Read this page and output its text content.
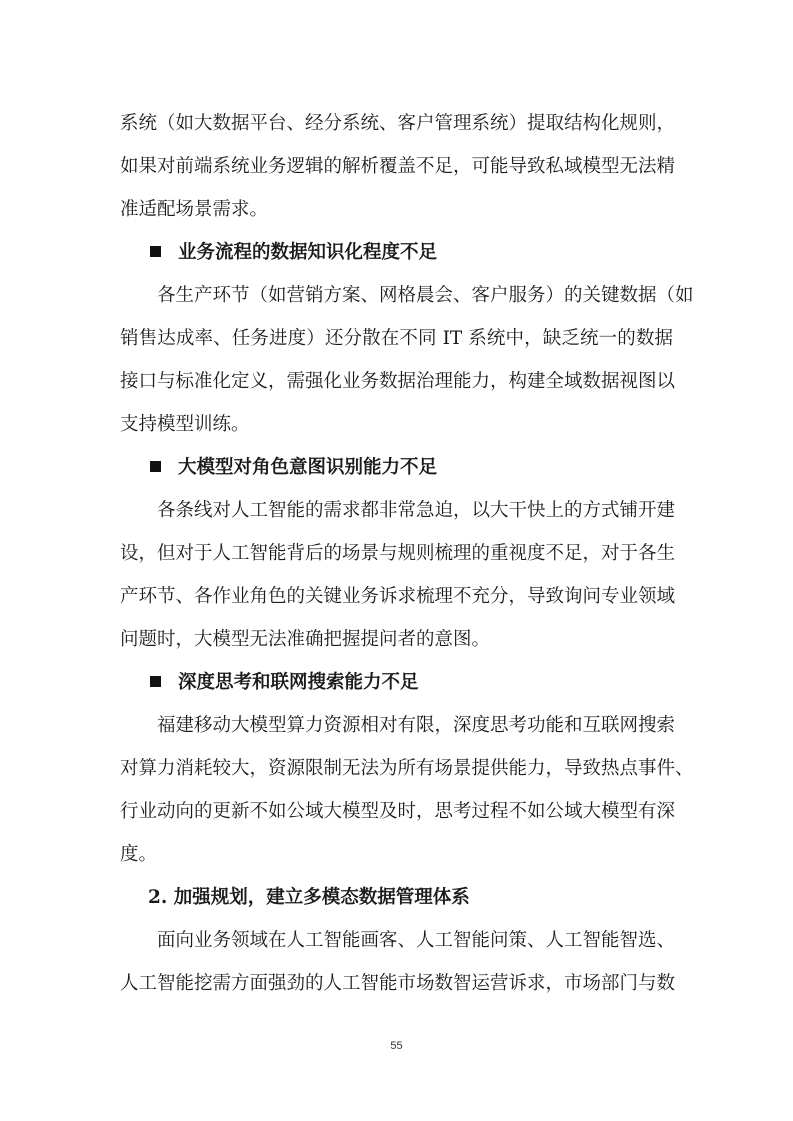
系统（如大数据平台、经分系统、客户管理系统）提取结构化规则，
如果对前端系统业务逻辑的解析覆盖不足，可能导致私域模型无法精
准适配场景需求。
业务流程的数据知识化程度不足
各生产环节（如营销方案、网格晨会、客户服务）的关键数据（如
销售达成率、任务进度）还分散在不同 IT 系统中，缺乏统一的数据
接口与标准化定义，需强化业务数据治理能力，构建全域数据视图以
支持模型训练。
大模型对角色意图识别能力不足
各条线对人工智能的需求都非常急迫，以大干快上的方式铺开建
设，但对于人工智能背后的场景与规则梳理的重视度不足，对于各生
产环节、各作业角色的关键业务诉求梳理不充分，导致询问专业领域
问题时，大模型无法准确把握提问者的意图。
深度思考和联网搜索能力不足
福建移动大模型算力资源相对有限，深度思考功能和互联网搜索
对算力消耗较大，资源限制无法为所有场景提供能力，导致热点事件、
行业动向的更新不如公域大模型及时，思考过程不如公域大模型有深
度。
2. 加强规划，建立多模态数据管理体系
面向业务领域在人工智能画客、人工智能问策、人工智能智选、
人工智能挖需方面强劲的人工智能市场数智运营诉求，市场部门与数
55
